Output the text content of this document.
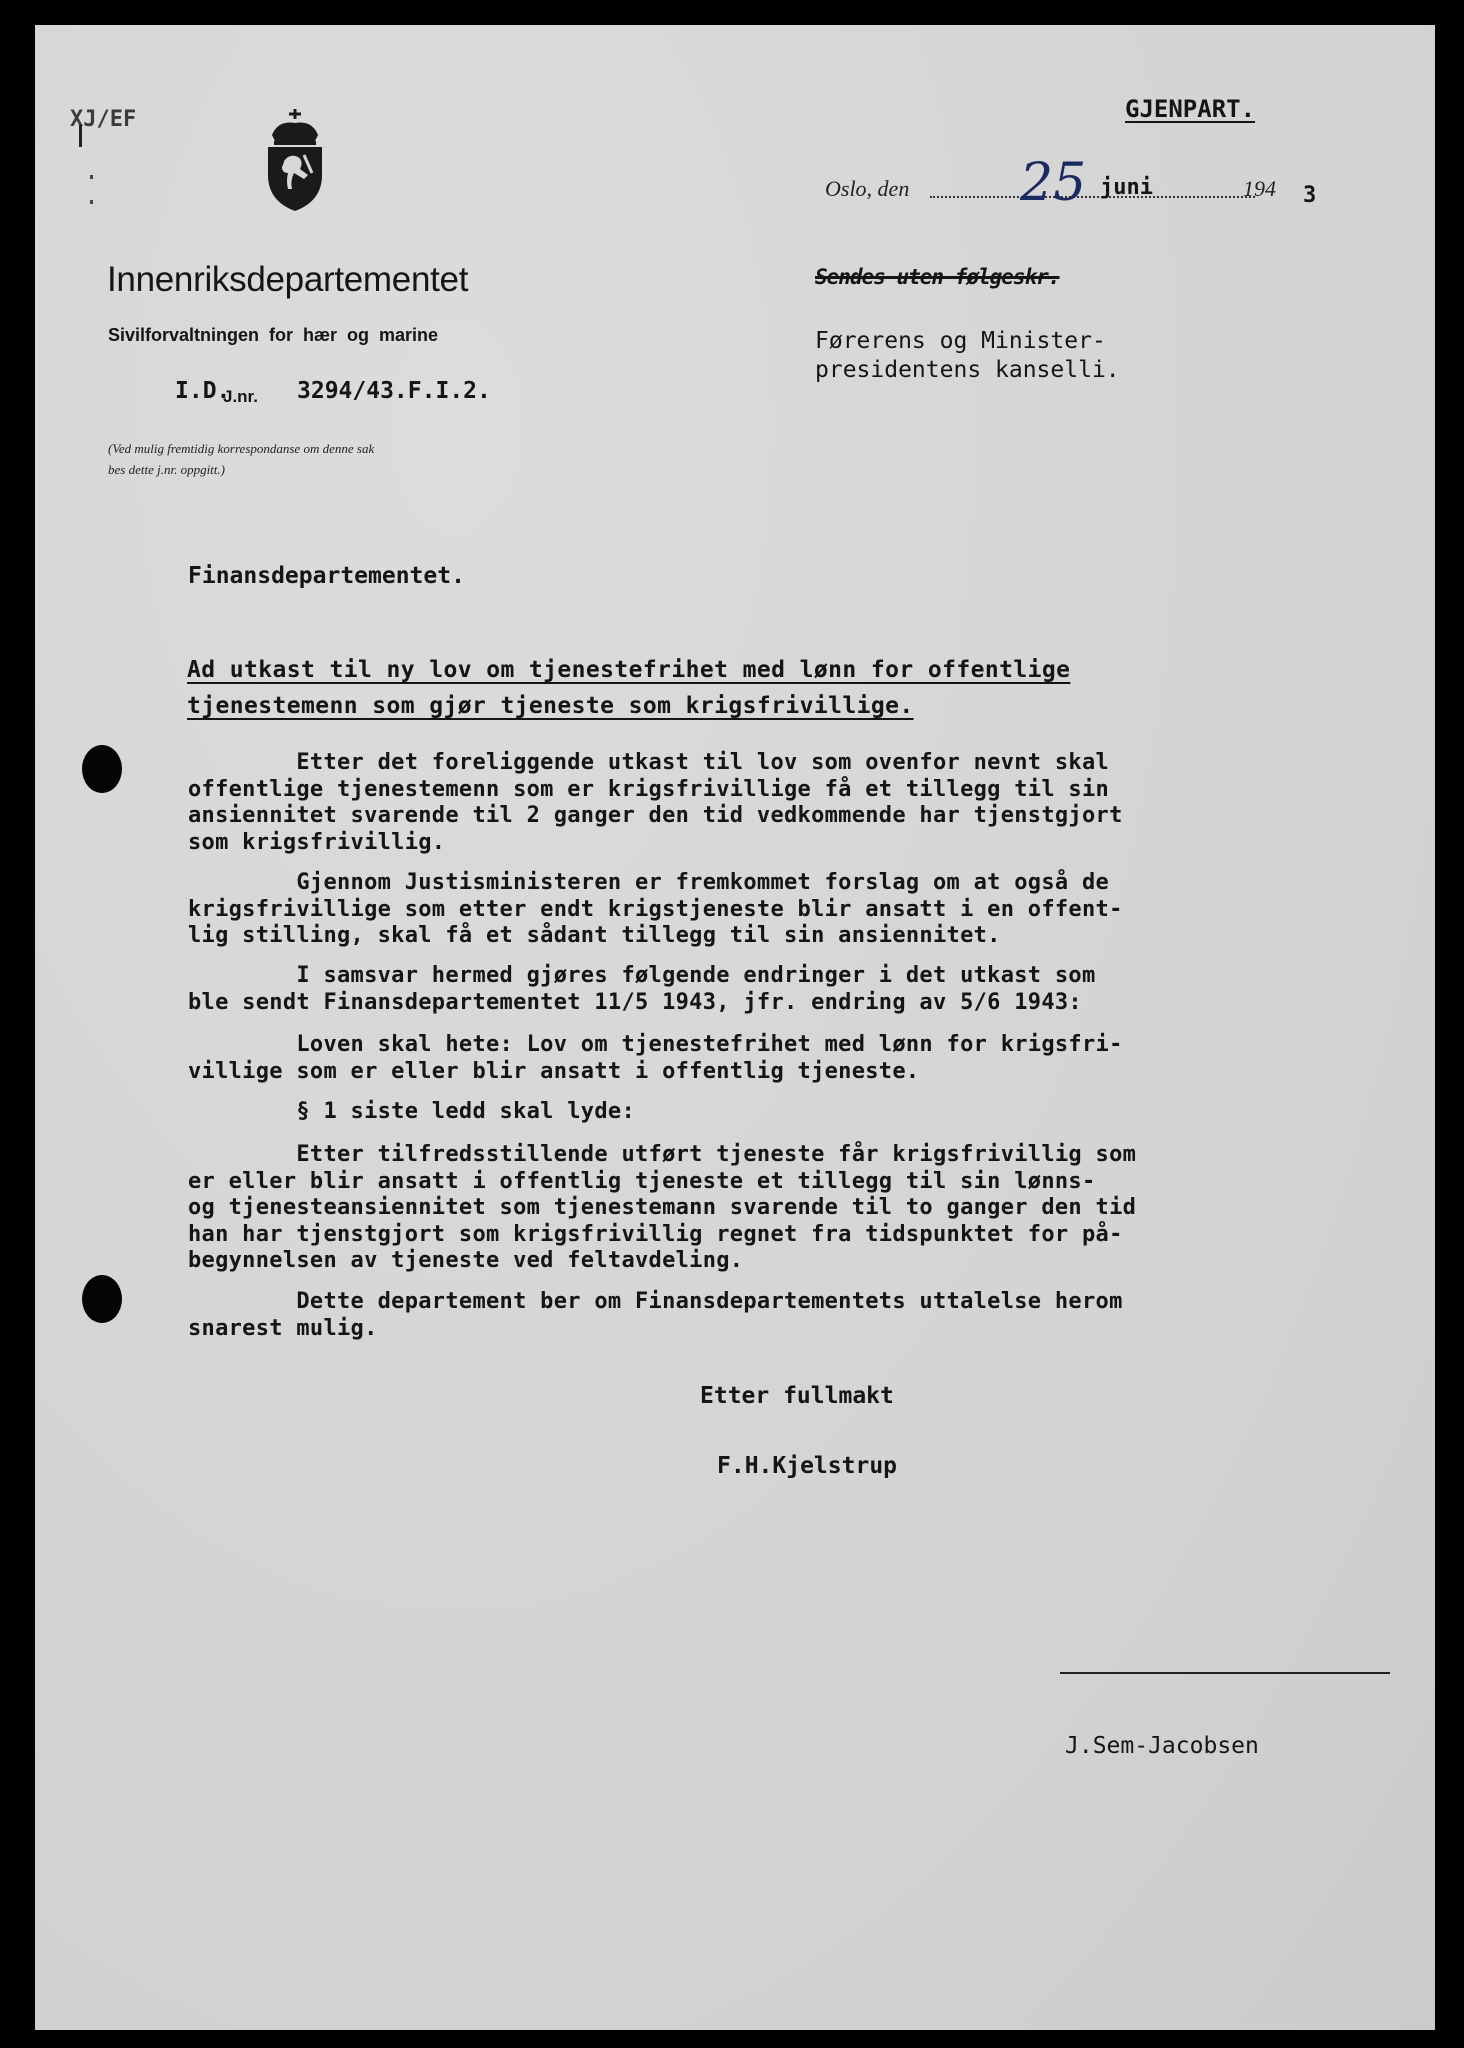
XJ/EF
Innenriksdepartementet
Sivilforvaltningen for hær og marine
I.D.
J.nr. 3294/43.F.I.2.
(Ved mulig fremtidig korrespondanse om denne sak
bes dette j.nr. oppgitt.)
GJENPART.
Oslo, den 25 juni	194 3
Sendes uten følgeskr.
Førerens og Minister-
presidentens kanselli.
Finansdepartementet.
Ad utkast til ny lov om tjenestefrihet med lønn for offentlige
tjenestemenn som gjør tjeneste som krigsfrivillige.
Etter det foreliggende utkast til lov som ovenfor nevnt skal
offentlige tjenestemenn som er krigsfrivillige få et tillegg til sin
ansiennitet svarende til 2 ganger den tid vedkommende har tjenstgjort
som krigsfrivillig.
Gjennom Justisministeren er fremkommet forslag om at også de
krigsfrivillige som etter endt krigstjeneste blir ansatt i en offent-
lig stilling, skal få et sådant tillegg til sin ansiennitet.
I samsvar hermed gjøres følgende endringer i det utkast som
ble sendt Finansdepartementet 11/5 1943, jfr. endring av 5/6 1943:
Loven skal hete: Lov om tjenestefrihet med lønn for krigsfri-
villige som er eller blir ansatt i offentlig tjeneste.
§ 1 siste ledd skal lyde:
Etter tilfredsstillende utført tjeneste får krigsfrivillig som
er eller blir ansatt i offentlig tjeneste et tillegg til sin lønns-
og tjenesteansiennitet som tjenestemann svarende til to ganger den tid
han har tjenstgjort som krigsfrivillig regnet fra tidspunktet for på-
begynnelsen av tjeneste ved feltavdeling.
Dette departement ber om Finansdepartementets uttalelse herom
snarest mulig.
Etter fullmakt
F.H.Kjelstrup
J.Sem-Jacobsen
